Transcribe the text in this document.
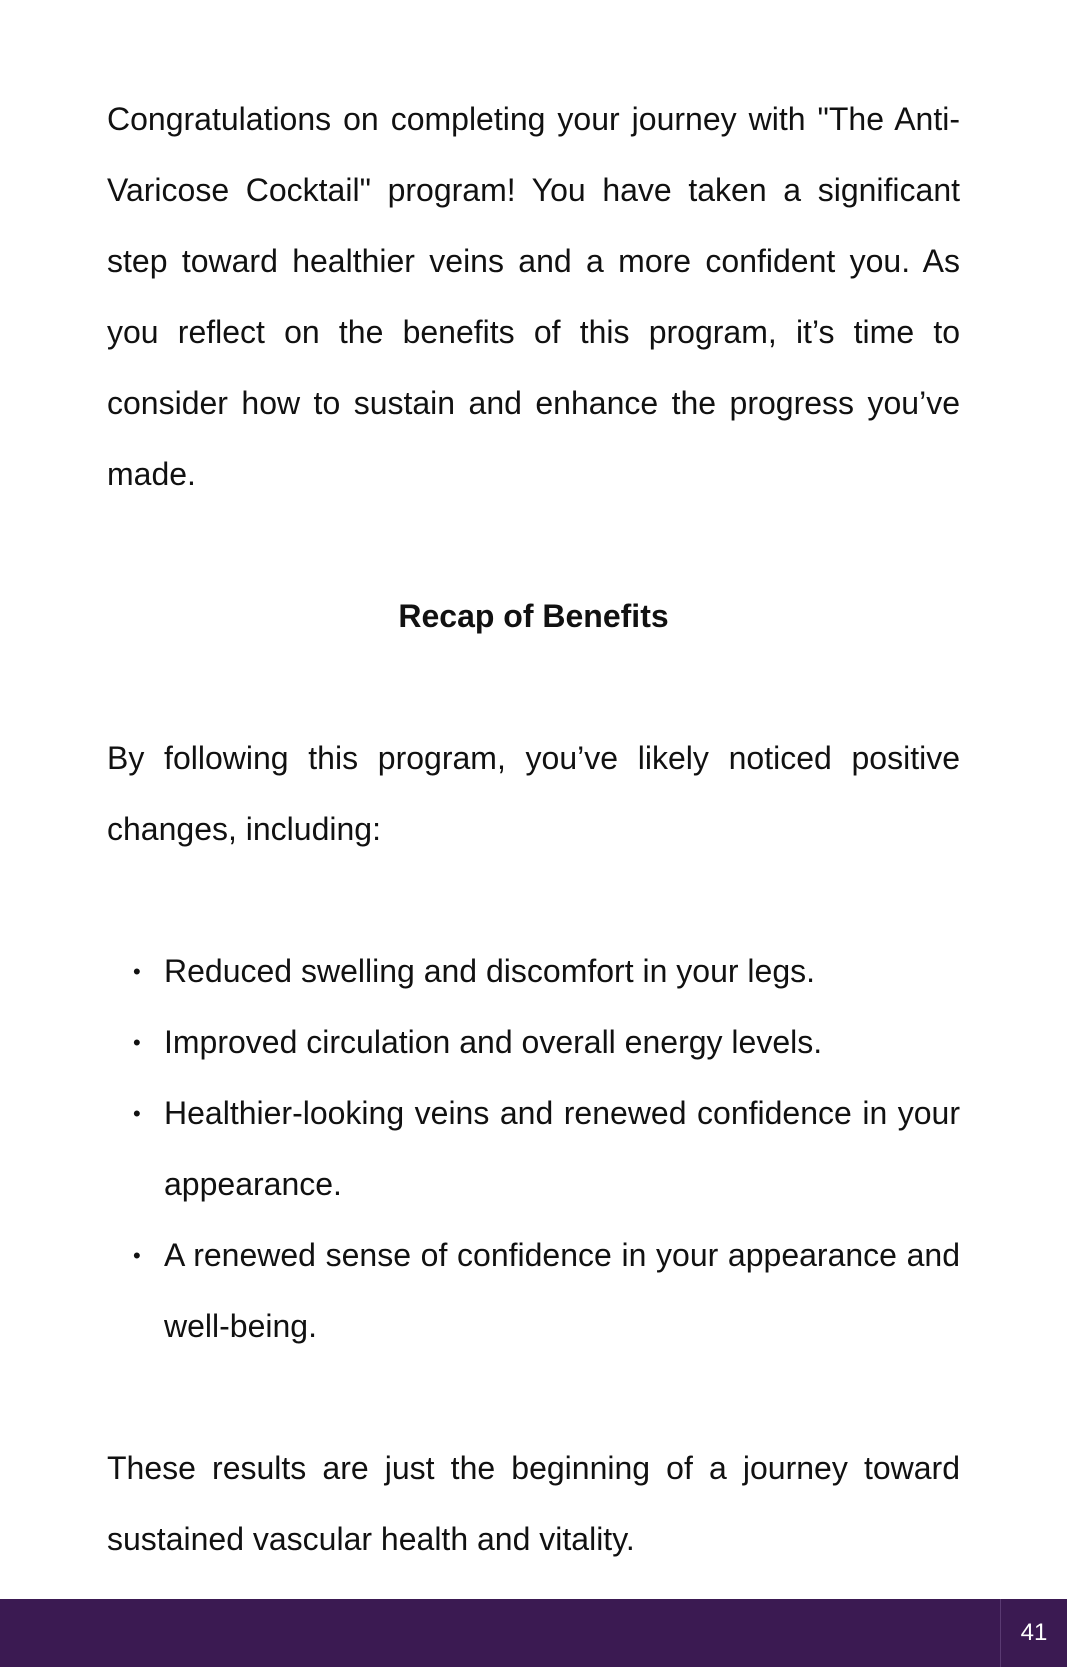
Congratulations on completing your journey with "The Anti-Varicose Cocktail" program! You have taken a significant step toward healthier veins and a more confident you. As you reflect on the benefits of this program, it’s time to consider how to sustain and enhance the progress you’ve made.

Recap of Benefits

By following this program, you’ve likely noticed positive changes, including:

• Reduced swelling and discomfort in your legs.
• Improved circulation and overall energy levels.
• Healthier-looking veins and renewed confidence in your appearance.
• A renewed sense of confidence in your appearance and well-being.

These results are just the beginning of a journey toward sustained vascular health and vitality.

41
